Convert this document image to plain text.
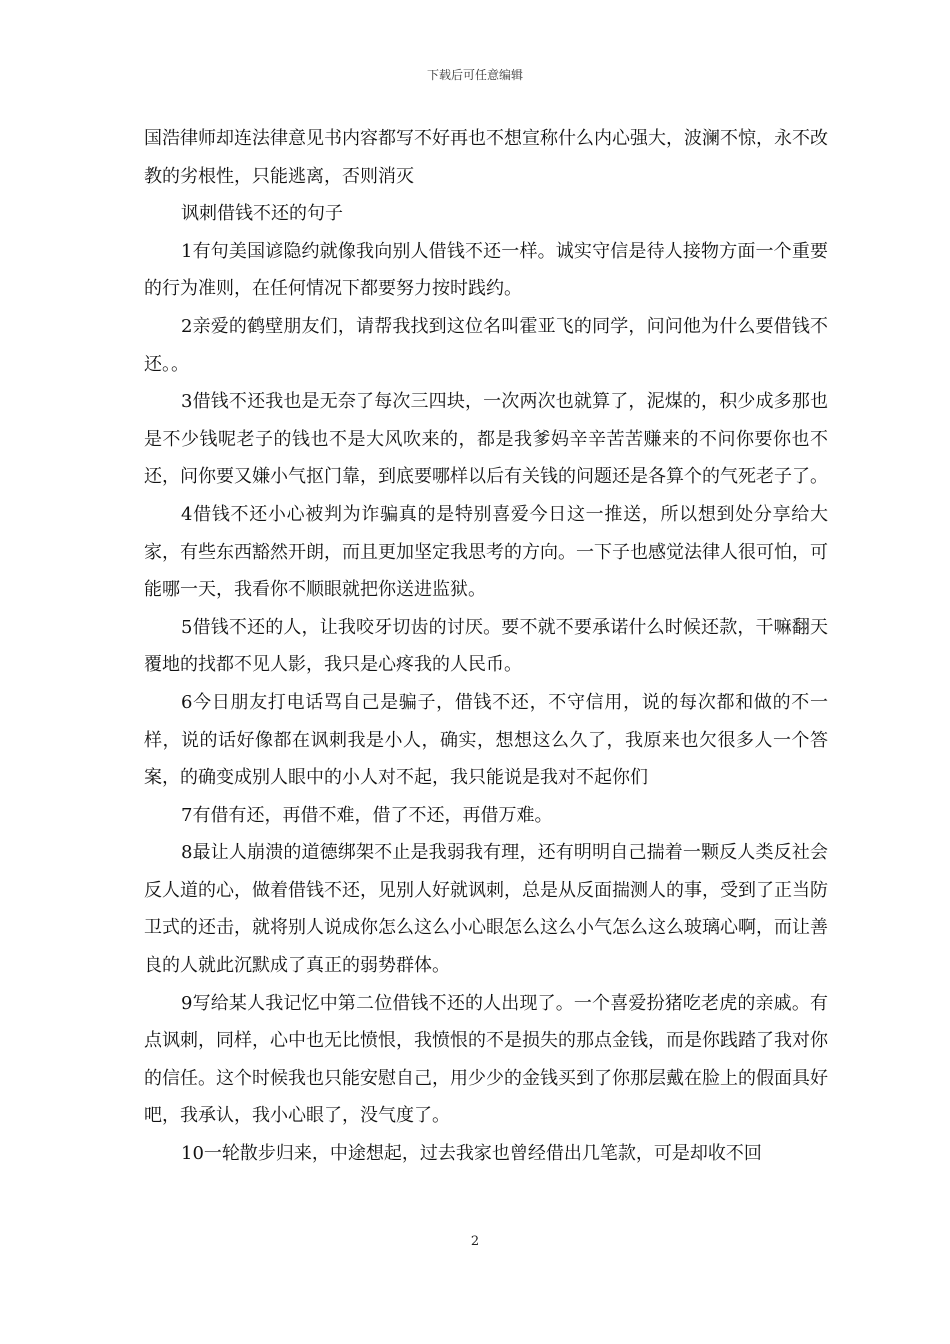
下载后可任意编辑

国浩律师却连法律意见书内容都写不好再也不想宣称什么内心强大，波澜不惊，永不改教的劣根性，只能逃离，否则消灭

讽刺借钱不还的句子

1有句美国谚隐约就像我向别人借钱不还一样。诚实守信是待人接物方面一个重要的行为准则，在任何情况下都要努力按时践约。

2亲爱的鹤壁朋友们，请帮我找到这位名叫霍亚飞的同学，问问他为什么要借钱不还。。

3借钱不还我也是无奈了每次三四块，一次两次也就算了，泥煤的，积少成多那也是不少钱呢老子的钱也不是大风吹来的，都是我爹妈辛辛苦苦赚来的不问你要你也不还，问你要又嫌小气抠门靠，到底要哪样以后有关钱的问题还是各算个的气死老子了。

4借钱不还小心被判为诈骗真的是特别喜爱今日这一推送，所以想到处分享给大家，有些东西豁然开朗，而且更加坚定我思考的方向。一下子也感觉法律人很可怕，可能哪一天，我看你不顺眼就把你送进监狱。

5借钱不还的人，让我咬牙切齿的讨厌。要不就不要承诺什么时候还款，干嘛翻天覆地的找都不见人影，我只是心疼我的人民币。

6今日朋友打电话骂自己是骗子，借钱不还，不守信用，说的每次都和做的不一样，说的话好像都在讽刺我是小人，确实，想想这么久了，我原来也欠很多人一个答案，的确变成别人眼中的小人对不起，我只能说是我对不起你们

7有借有还，再借不难，借了不还，再借万难。

8最让人崩溃的道德绑架不止是我弱我有理，还有明明自己揣着一颗反人类反社会反人道的心，做着借钱不还，见别人好就讽刺，总是从反面揣测人的事，受到了正当防卫式的还击，就将别人说成你怎么这么小心眼怎么这么小气怎么这么玻璃心啊，而让善良的人就此沉默成了真正的弱势群体。

9写给某人我记忆中第二位借钱不还的人出现了。一个喜爱扮猪吃老虎的亲戚。有点讽刺，同样，心中也无比愤恨，我愤恨的不是损失的那点金钱，而是你践踏了我对你的信任。这个时候我也只能安慰自己，用少少的金钱买到了你那层戴在脸上的假面具好吧，我承认，我小心眼了，没气度了。

10一轮散步归来，中途想起，过去我家也曾经借出几笔款，可是却收不回

2
